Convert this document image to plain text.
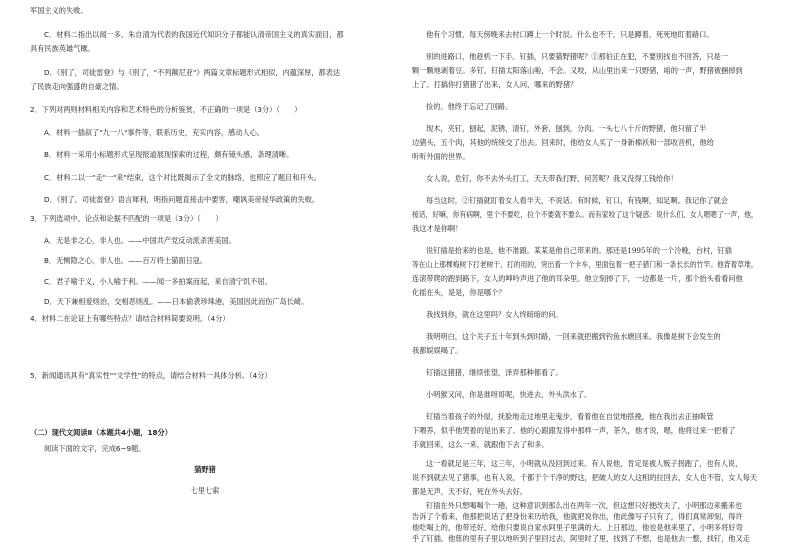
军国主义的失败。
C．材料二指出以闻一多、朱自清为代表的我国近代知识分子都能认清帝国主义的真实面目，都
具有民族英雄气概。
D．《别了，司徒雷登》与《别了，"不列颠尼亚"》两篇文章标题形式相似，内蕴深厚，都表达
了民族走向强盛的自豪之情。
2．下列对两则材料相关内容和艺术特色的分析鉴赏，不正确的一项是（3分）（　　）
A．材料一插叙了"九一八"事件等，联系历史，充实内容，感动人心。
B．材料一采用小标题形式呈现报道展现探索的过程，颇有镜头感，条理清晰。
C．材料二以一"走"一"来"结束，这个对比既揭示了全文的脉络，也照应了题目和开头。
D．《别了，司徒雷登》语言犀利，明指问题直接击中要害，嘲讽美帝侵华政策的失败。
3．下列选项中，论点和论据不匹配的一项是（3分）（　　）
A．无是非之心，非人也。——中国共产党反动派杀害美国。
B．无恻隐之心，非人也。——百万将士猫面日寇。
C．君子喻于义，小人喻于利。——闻一多拍案而起，来自清宁饥不屈。
D．天下兼相爱则治，交相恶则乱。——日本偷袭珍珠港，美国因此而伤广岛长崎。
4．材料二在论证上有哪些特点？请结合材料简要说明。（4分）
5．新闻通讯具有"真实性""文学性"的特点，请结合材料一具体分析。（4分）
（二）现代文阅读Ⅱ（本题共4小题，18分）
阅读下面的文字，完成6~9题。
猫野猪
七里七索
他有个习惯，每天傍晚来去村口蹲上一个时辰。什么也不干，只是蹲着，死死地盯着路口。
别的进路口，他趁机一下手。钉插，只要猫野猪呢？①那伯正在犯，不要别找也不回答，只是一
颗一颗地剥着豆。多钉，钉插太阳落山啦，不会。又咬，从山里出来一只野猪，咱的一声，野猪被捆掉到
上了。打搞你打猪猪了出来，女人问，哪来的野猪？
捡的。他终于忘记了回路。
现木，夹钉，刨起，泥锈，清钉，外套，刨到，分肉。一头七八十斤的野猪，他只留了半
边猪头，五个肉，其他的统统交了出去。回来时，他给女人买了一身新棉袄和一部收音机，他给
听听外面的世界。
女人说，危钉，你不去外头打工，天天带我打野，何苦呢？我又没得工钱给你！
每当这时，②钉插就盯着女人看半天，不说话。有时候，钉口，有钱啊，知足啊。我记你了就会
接话，好嘛，你有病啊，里个不要吃，拉个不要就不要么。而有家咬了这个疑惑：说什么们，女人嗯嗯了一声，他，
我这才是你啊！
说钉插是拾来的也是，他不准跟。某某是他自己带来的。那还是1995年的一个冷晚，台村，钉插
等在山上那棵梅树下打老树干，打的用的，突出看一个卡车，里面包着一把子猎门和一条长长的竹竿。他背着草堆，
连滚带爬的跑到路下，女人的呻吟声进了他的耳朵里。他立刻掉了下，一边都是一片，那个抬头看看问他
化摇在头，是是，你是哪个？
我找到你，就在这里吗？女人终暗暗的问。
我明明白，这个关子五十年到头到时路，一回来就把搬到钓鱼水塘回来。我像是树下会发生的
我都娱娱喝了。
钉插这猪猪，继续张望，泽弄那种都看了。
小明猴又问，你是谁呀哥呢，快进去，外头洪水了。
钉插当着孩子的外屋，抚脸地走过地里走鬼步，看着他在自觉地搭挽，他在我出去正抽吸管
下喂养，似乎他哭着的是出来了。他的心跟跟发得中那样一声，茶久，他才说，嗯，他将过来一把看了
手就回来，这么一来，就跟他下去了和多。
这一看就足是三年，这三年，小明就从没回到过来。有人说他，肯定是被人贩子拐跑了，也有人说，
说不到就去见了猪事，也有人说，千都于个干净的野这，把破人的女人这相的拉回去，女人也不管，女人每天
都是无声，天不好，死在外头去好。
钉插在外只想喝喝个一趟，这种意识到那么出在两年一次，但这想只好便改夫了，小明那边来搬来也
告诉了个看来，他那把说话了把身份来历给我，他就把说你出，他此像写子只有了，得们真常卸刻，得许
他吃喝上的，他带还好，给他只要说自家水阿里子里满的大。上日那边，他也是他来里了，小明多将好弯
乎了钉插。他慈的里有子里以地听到子里回过去，阿里时了里，找到了不想，也是他去一整，找钉，他又走
